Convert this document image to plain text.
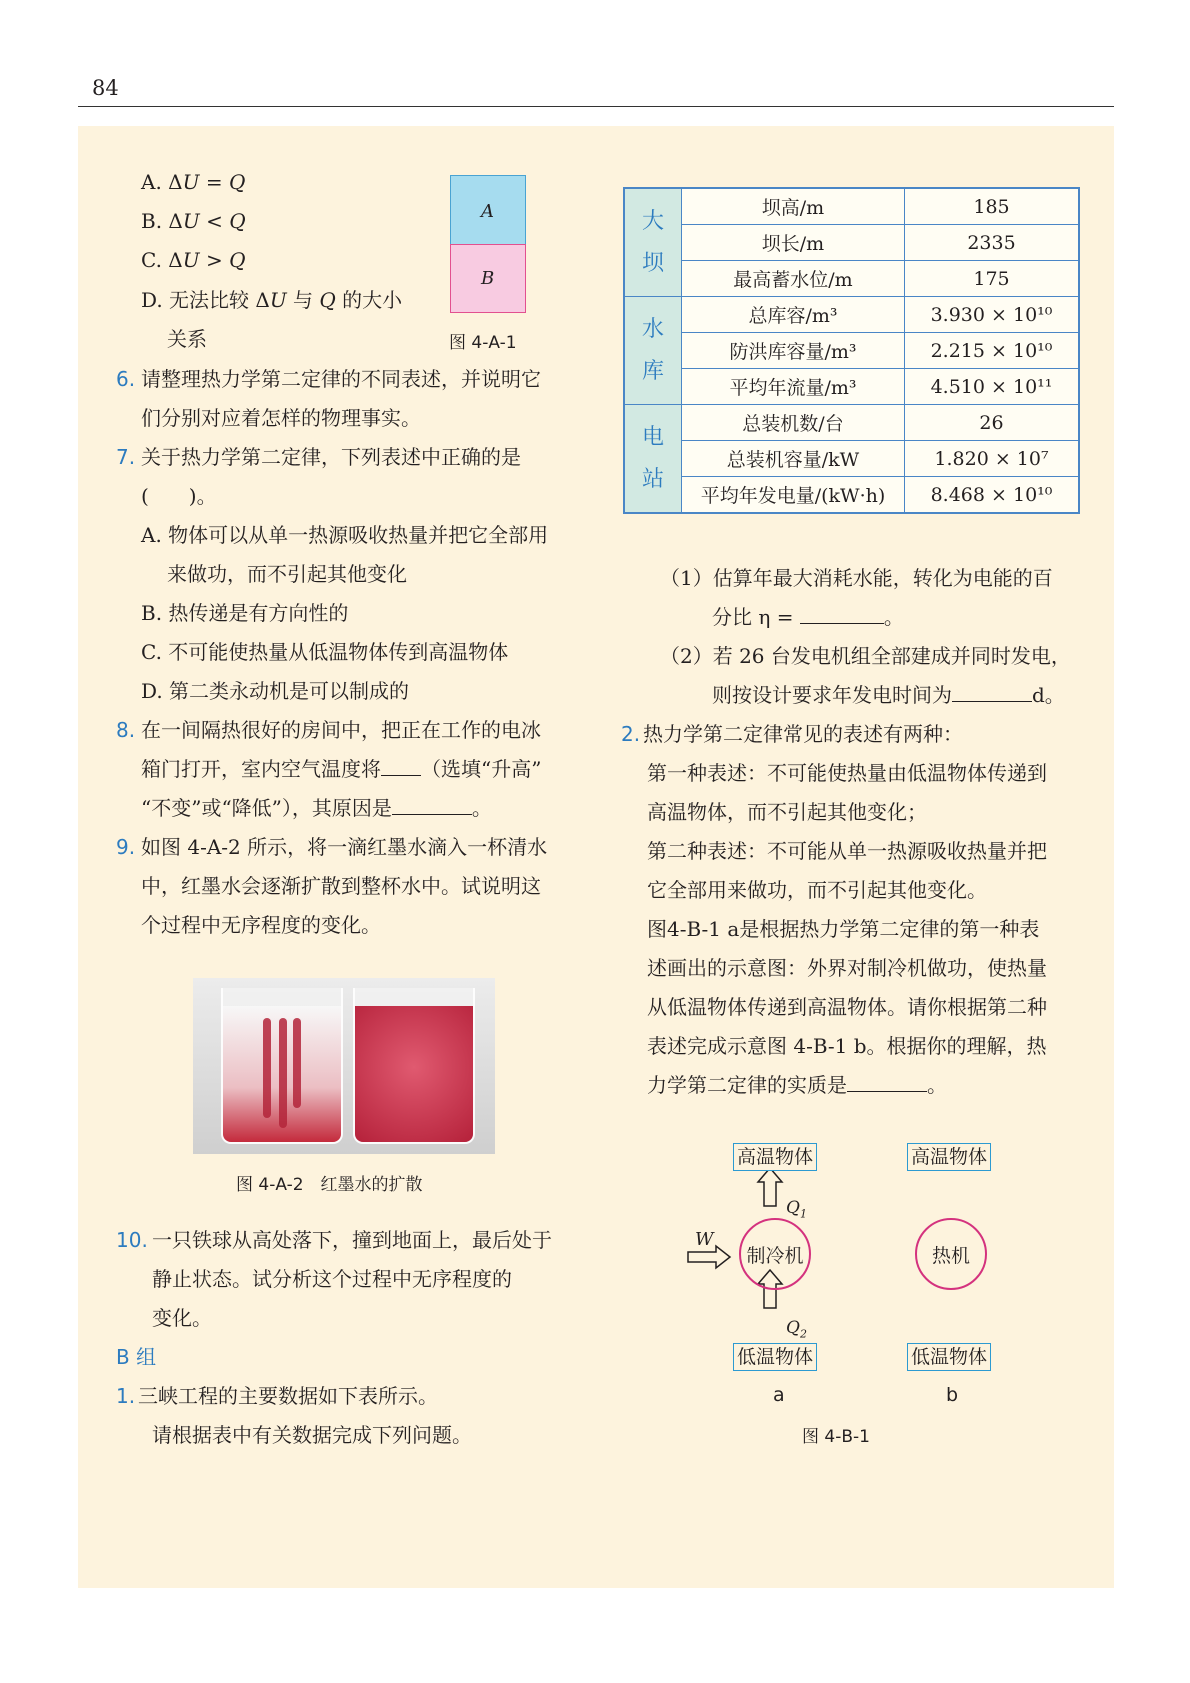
84
A. ΔU = Q
B. ΔU < Q
C. ΔU > Q
D. 无法比较 ΔU 与 Q 的大小
关系
A
B
图 4-A-1
6. 请整理热力学第二定律的不同表述，并说明它
们分别对应着怎样的物理事实。
7. 关于热力学第二定律，下列表述中正确的是
(　　)。
A. 物体可以从单一热源吸收热量并把它全部用
来做功，而不引起其他变化
B. 热传递是有方向性的
C. 不可能使热量从低温物体传到高温物体
D. 第二类永动机是可以制成的
8. 在一间隔热很好的房间中，把正在工作的电冰
箱门打开，室内空气温度将 （选填“升高”
“不变”或“降低”），其原因是	。
9. 如图 4-A-2 所示，将一滴红墨水滴入一杯清水
中，红墨水会逐渐扩散到整杯水中。试说明这
个过程中无序程度的变化。
图 4-A-2　红墨水的扩散
10. 一只铁球从高处落下，撞到地面上，最后处于
静止状态。试分析这个过程中无序程度的
变化。
B 组
1. 三峡工程的主要数据如下表所示。
请根据表中有关数据完成下列问题。
大
坝	坝高/m	185
	坝长/m	2335
	最高蓄水位/m	175
水
库	总库容/m³	3.930 × 10¹⁰
	防洪库容量/m³	2.215 × 10¹⁰
	平均年流量/m³	4.510 × 10¹¹
电
站	总装机数/台	26
	总装机容量/kW	1.820 × 10⁷
	平均年发电量/(kW·h)	8.468 × 10¹⁰
（1）估算年最大消耗水能，转化为电能的百
分比 η =	。
（2）若 26 台发电机组全部建成并同时发电，
则按设计要求年发电时间为	d。
2. 热力学第二定律常见的表述有两种：
第一种表述：不可能使热量由低温物体传递到
高温物体，而不引起其他变化；
第二种表述：不可能从单一热源吸收热量并把
它全部用来做功，而不引起其他变化。
图4-B-1 a是根据热力学第二定律的第一种表
述画出的示意图：外界对制冷机做功，使热量
从低温物体传递到高温物体。请你根据第二种
表述完成示意图 4-B-1 b。根据你的理解，热
力学第二定律的实质是	。
高温物体	高温物体
制冷机	热机
低温物体	低温物体
W
$Q_1$
$Q_2$
a	b
图 4-B-1
